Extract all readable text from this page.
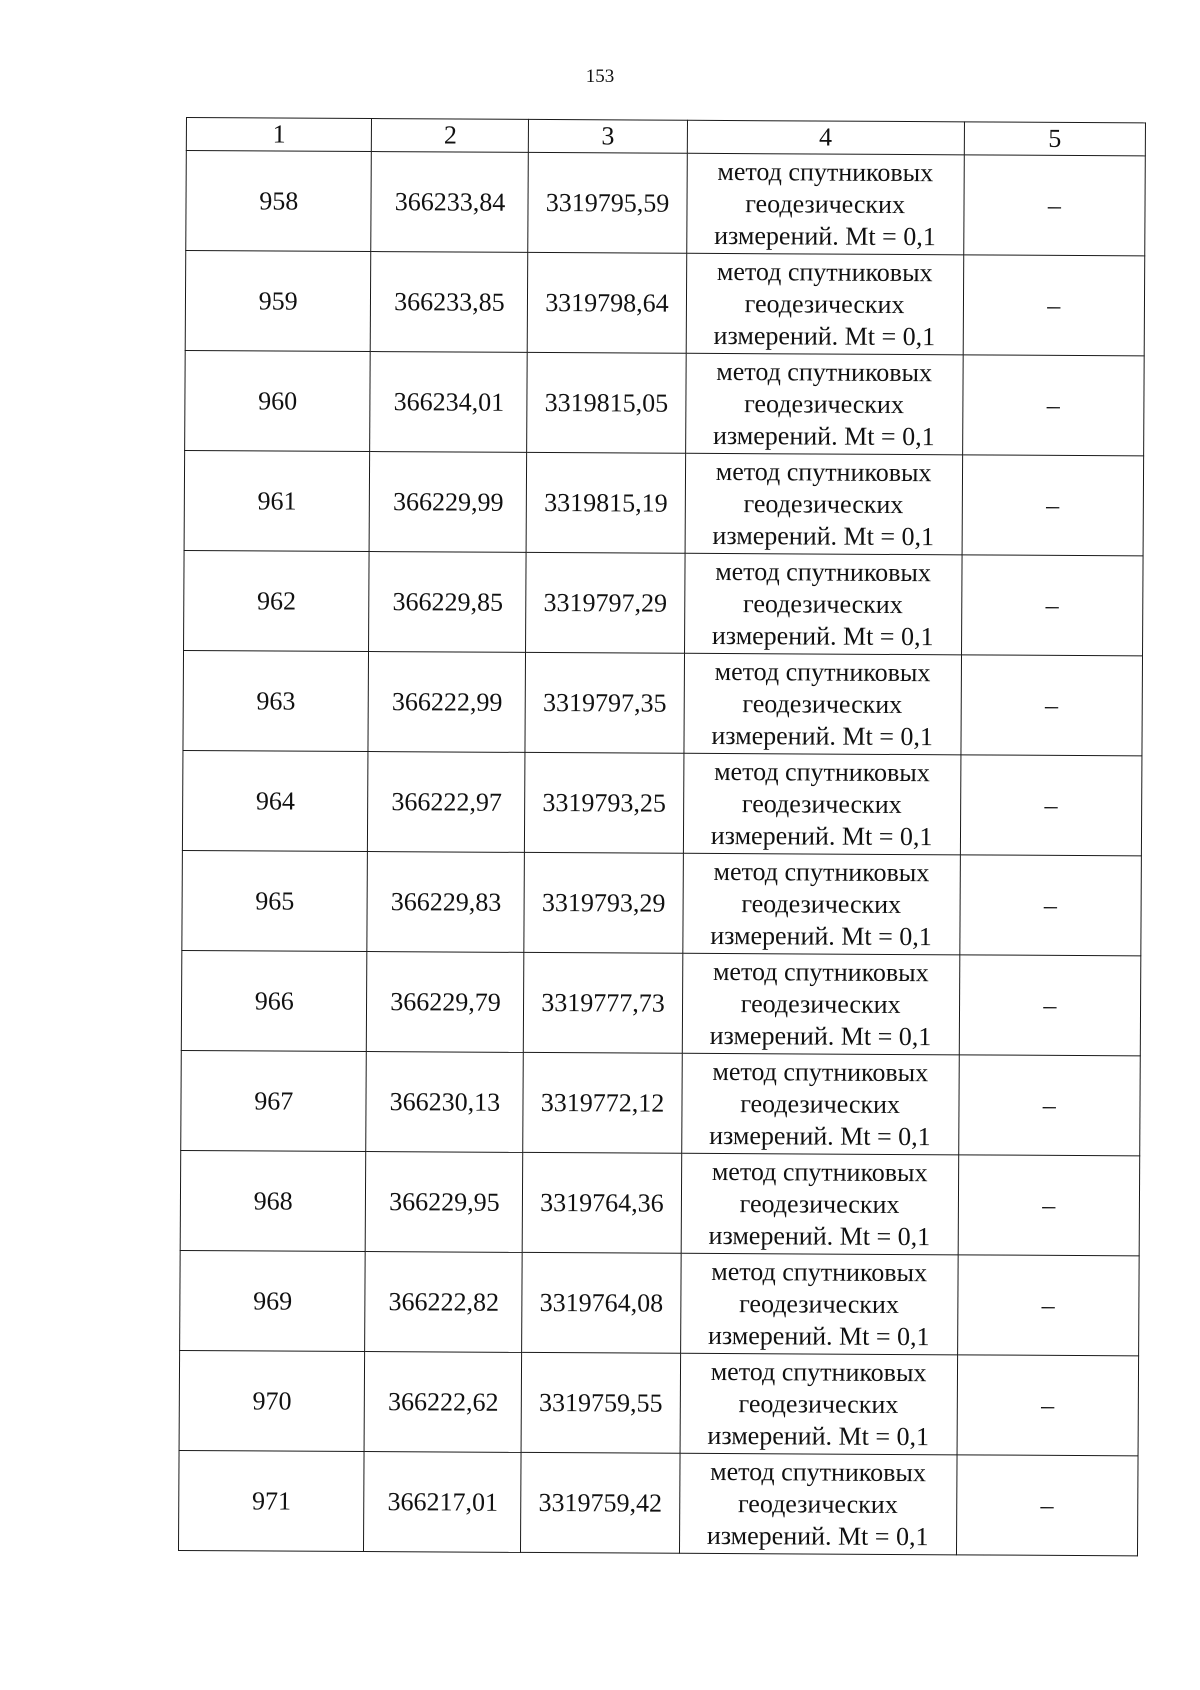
153
1	2	3	4	5
958	366233,84	3319795,59	метод спутниковых
геодезических
измерений. Mt = 0,1	–
959	366233,85	3319798,64	метод спутниковых
геодезических
измерений. Mt = 0,1	–
960	366234,01	3319815,05	метод спутниковых
геодезических
измерений. Mt = 0,1	–
961	366229,99	3319815,19	метод спутниковых
геодезических
измерений. Mt = 0,1	–
962	366229,85	3319797,29	метод спутниковых
геодезических
измерений. Mt = 0,1	–
963	366222,99	3319797,35	метод спутниковых
геодезических
измерений. Mt = 0,1	–
964	366222,97	3319793,25	метод спутниковых
геодезических
измерений. Mt = 0,1	–
965	366229,83	3319793,29	метод спутниковых
геодезических
измерений. Mt = 0,1	–
966	366229,79	3319777,73	метод спутниковых
геодезических
измерений. Mt = 0,1	–
967	366230,13	3319772,12	метод спутниковых
геодезических
измерений. Mt = 0,1	–
968	366229,95	3319764,36	метод спутниковых
геодезических
измерений. Mt = 0,1	–
969	366222,82	3319764,08	метод спутниковых
геодезических
измерений. Mt = 0,1	–
970	366222,62	3319759,55	метод спутниковых
геодезических
измерений. Mt = 0,1	–
971	366217,01	3319759,42	метод спутниковых
геодезических
измерений. Mt = 0,1	–
